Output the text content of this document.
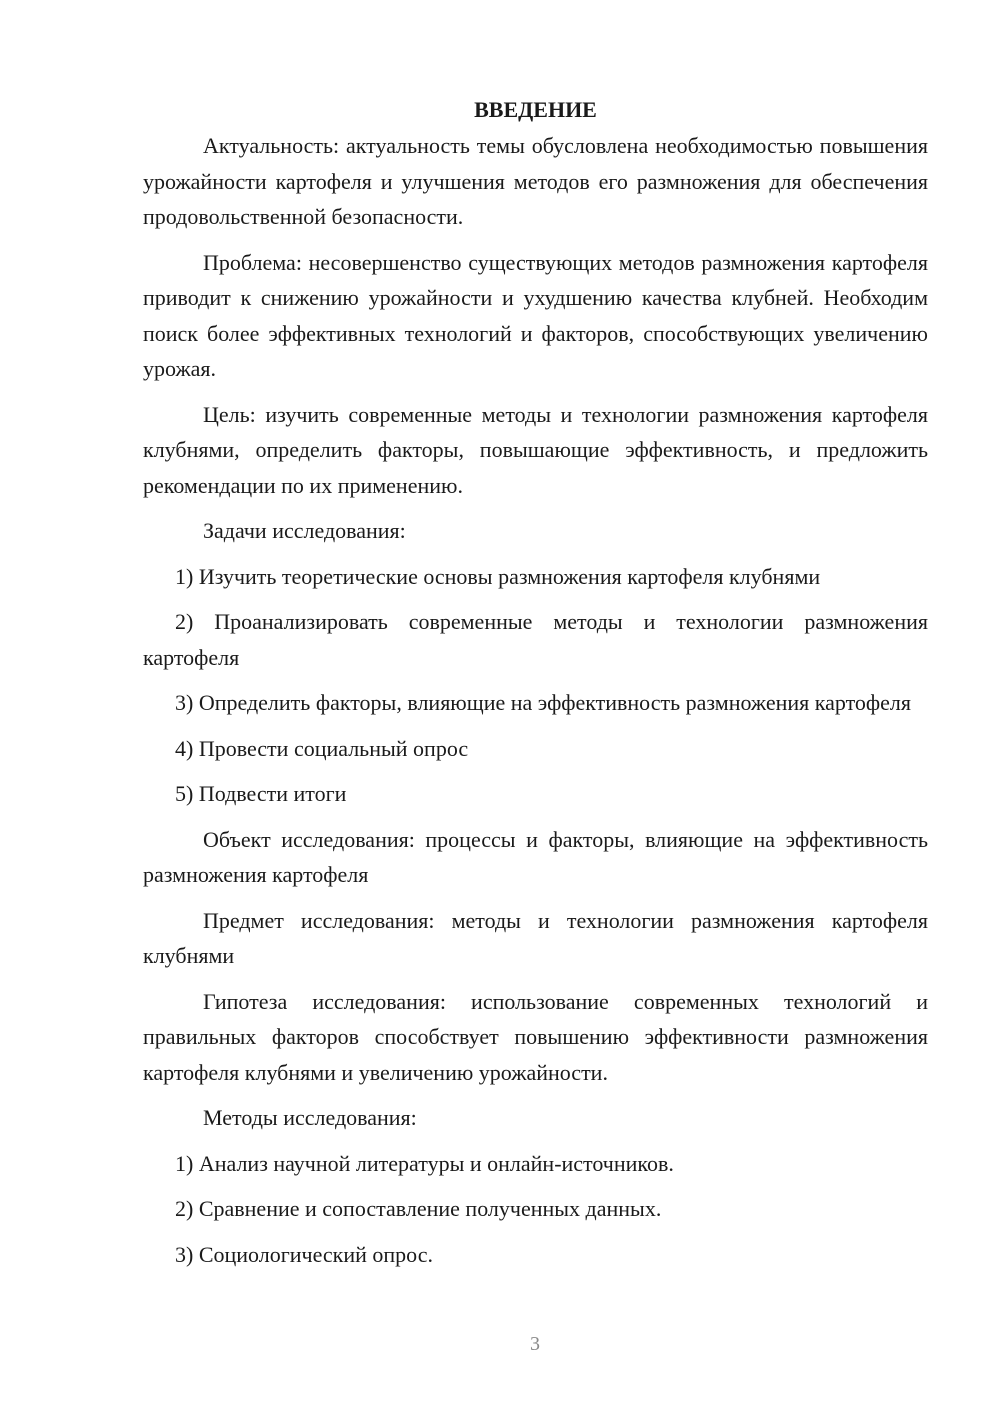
ВВЕДЕНИЕ

Актуальность: актуальность темы обусловлена необходимостью повышения урожайности картофеля и улучшения методов его размножения для обеспечения продовольственной безопасности.

Проблема: несовершенство существующих методов размножения картофеля приводит к снижению урожайности и ухудшению качества клубней. Необходим поиск более эффективных технологий и факторов, способствующих увеличению урожая.

Цель: изучить современные методы и технологии размножения картофеля клубнями, определить факторы, повышающие эффективность, и предложить рекомендации по их применению.

Задачи исследования:

1) Изучить теоретические основы размножения картофеля клубнями

2) Проанализировать современные методы и технологии размножения картофеля

3) Определить факторы, влияющие на эффективность размножения картофеля

4) Провести социальный опрос

5) Подвести итоги

Объект исследования: процессы и факторы, влияющие на эффективность размножения картофеля

Предмет исследования: методы и технологии размножения картофеля клубнями

Гипотеза исследования: использование современных технологий и правильных факторов способствует повышению эффективности размножения картофеля клубнями и увеличению урожайности.

Методы исследования:

1) Анализ научной литературы и онлайн-источников.

2) Сравнение и сопоставление полученных данных.

3) Социологический опрос.

3
